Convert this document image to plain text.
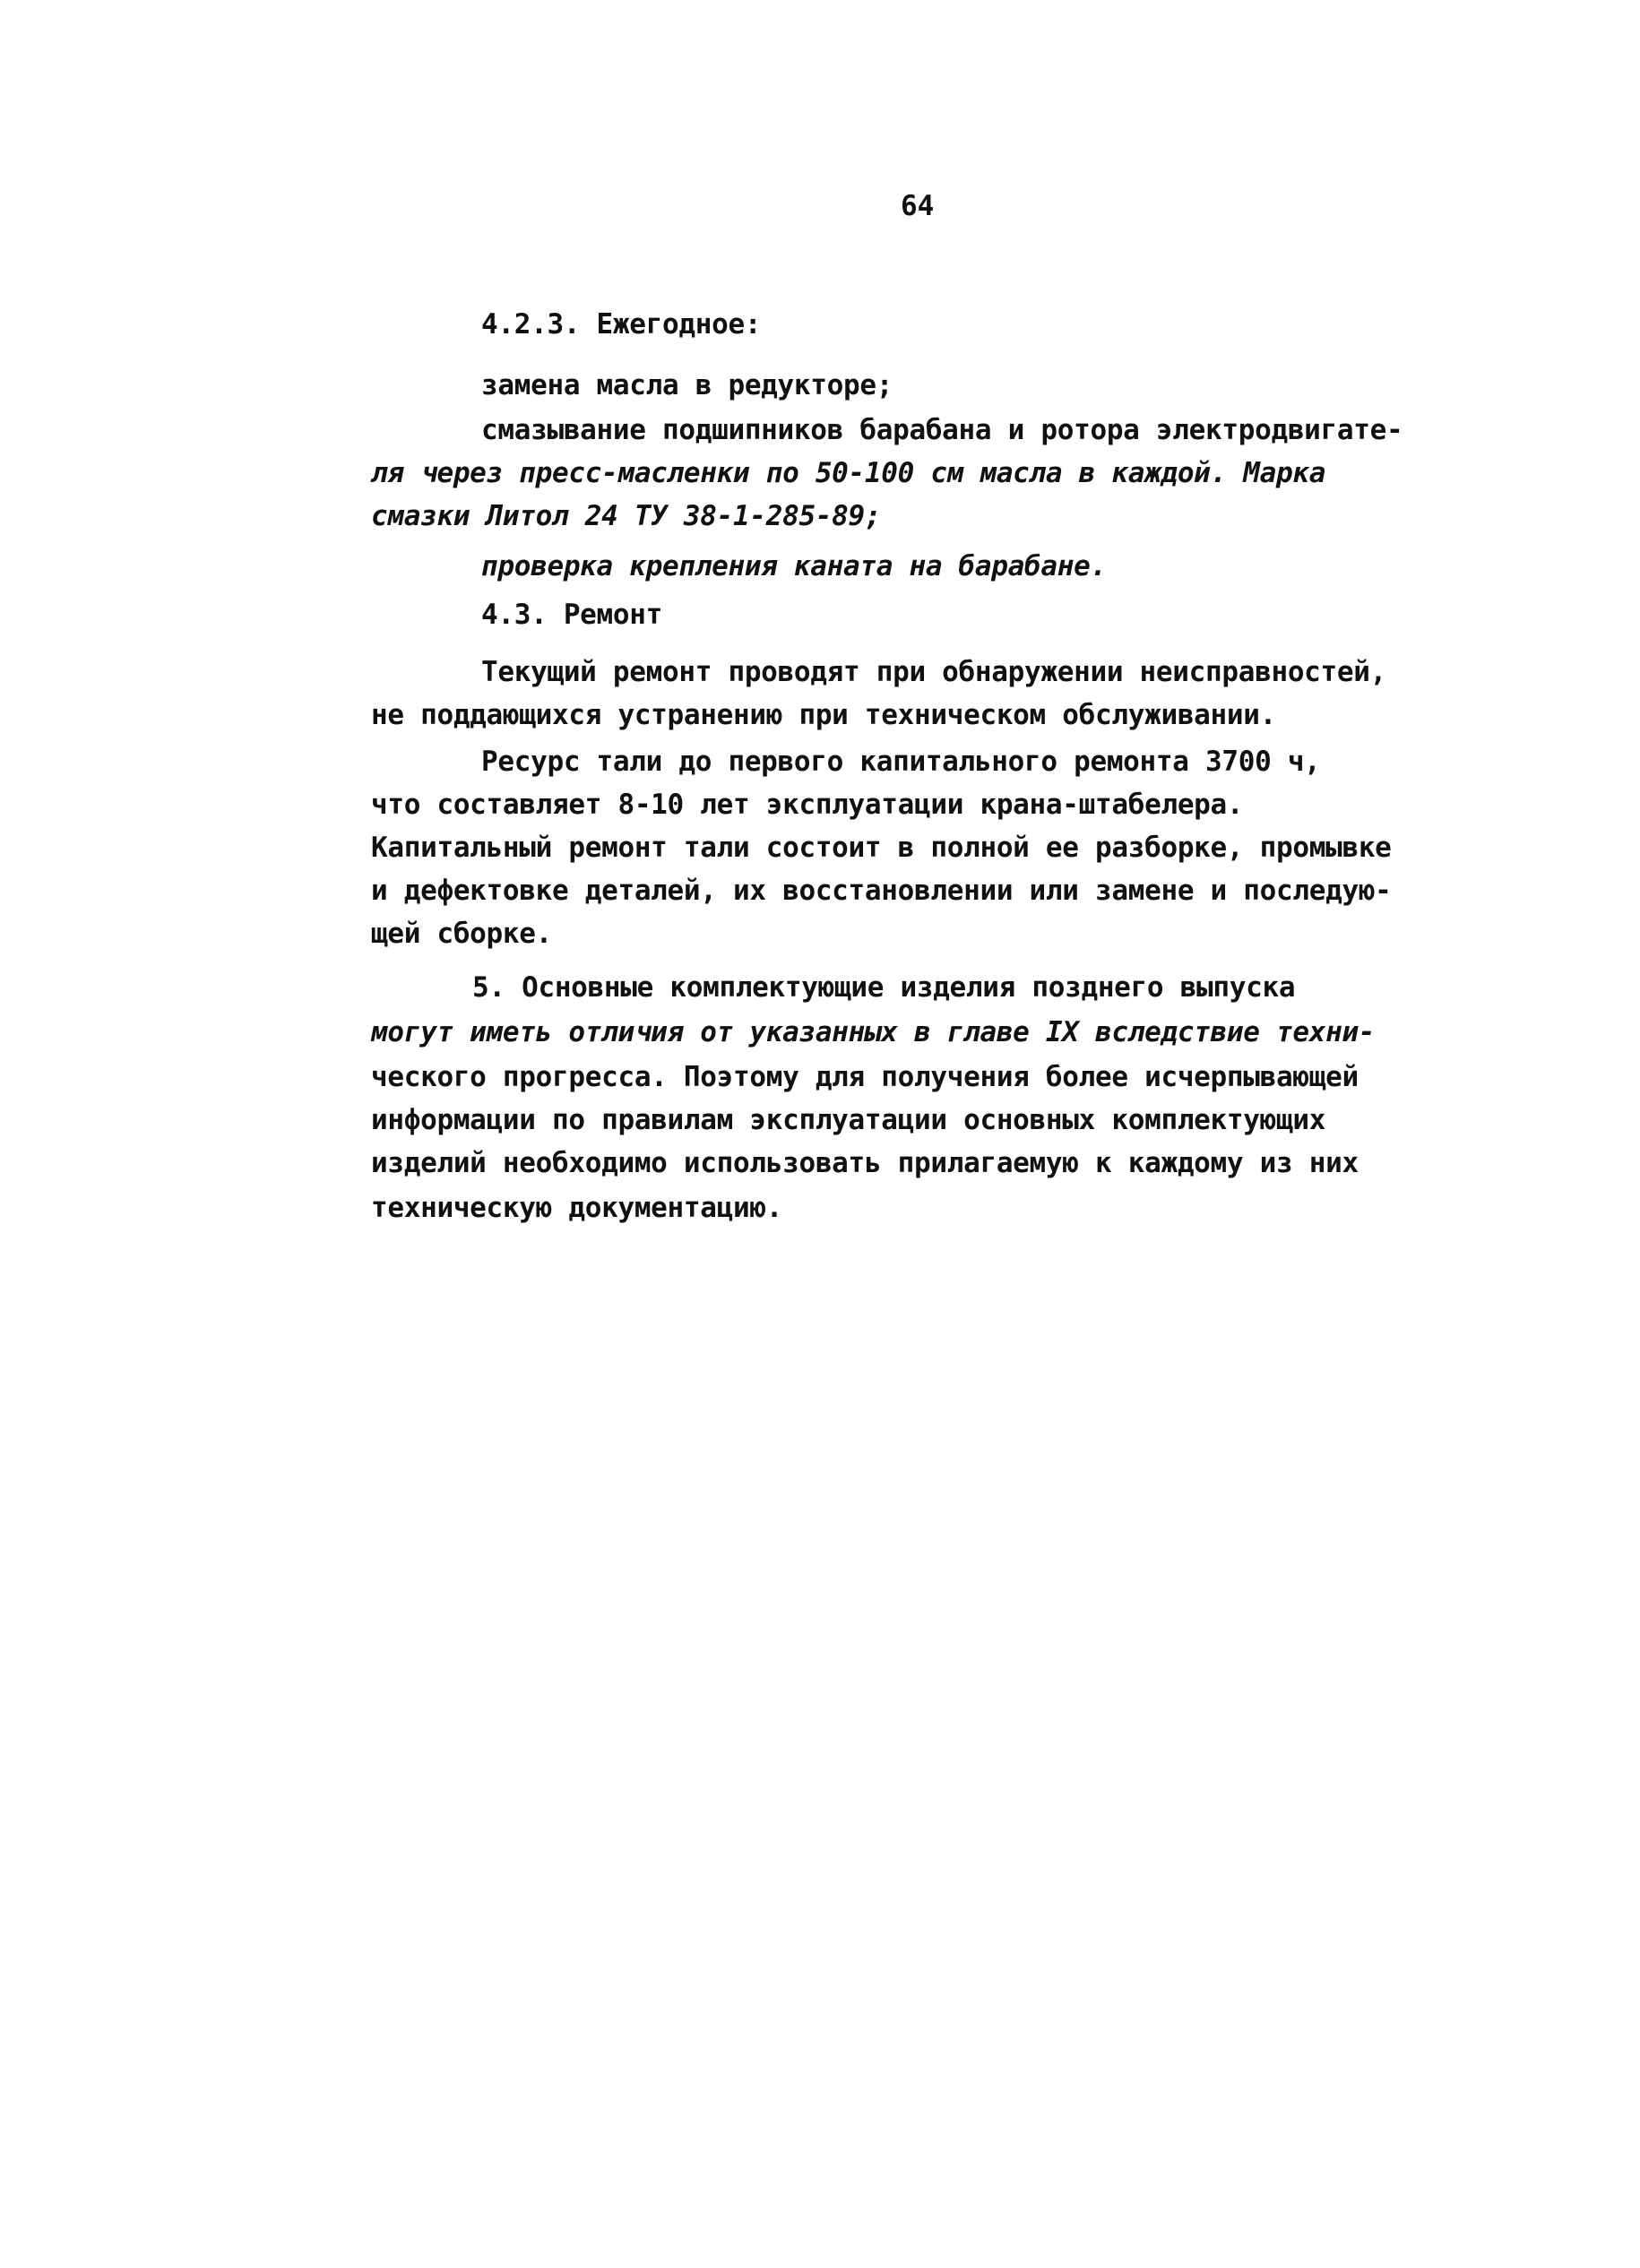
64
4.2.3. Ежегодное:
замена масла в редукторе;
смазывание подшипников барабана и ротора электродвигате-
ля через пресс-масленки по 50-100 см масла в каждой. Марка
смазки Литол 24 ТУ 38-1-285-89;
проверка крепления каната на барабане.
4.3. Ремонт
Текущий ремонт проводят при обнаружении неисправностей,
не поддающихся устранению при техническом обслуживании.
Ресурс тали до первого капитального ремонта 3700 ч,
что составляет 8-10 лет эксплуатации крана-штабелера.
Капитальный ремонт тали состоит в полной ее разборке, промывке
и дефектовке деталей, их восстановлении или замене и последую-
щей сборке.
5. Основные комплектующие изделия позднего выпуска
могут иметь отличия от указанных в главе IX вследствие техни-
ческого прогресса. Поэтому для получения более исчерпывающей
информации по правилам эксплуатации основных комплектующих
изделий необходимо использовать прилагаемую к каждому из них
техническую документацию.
